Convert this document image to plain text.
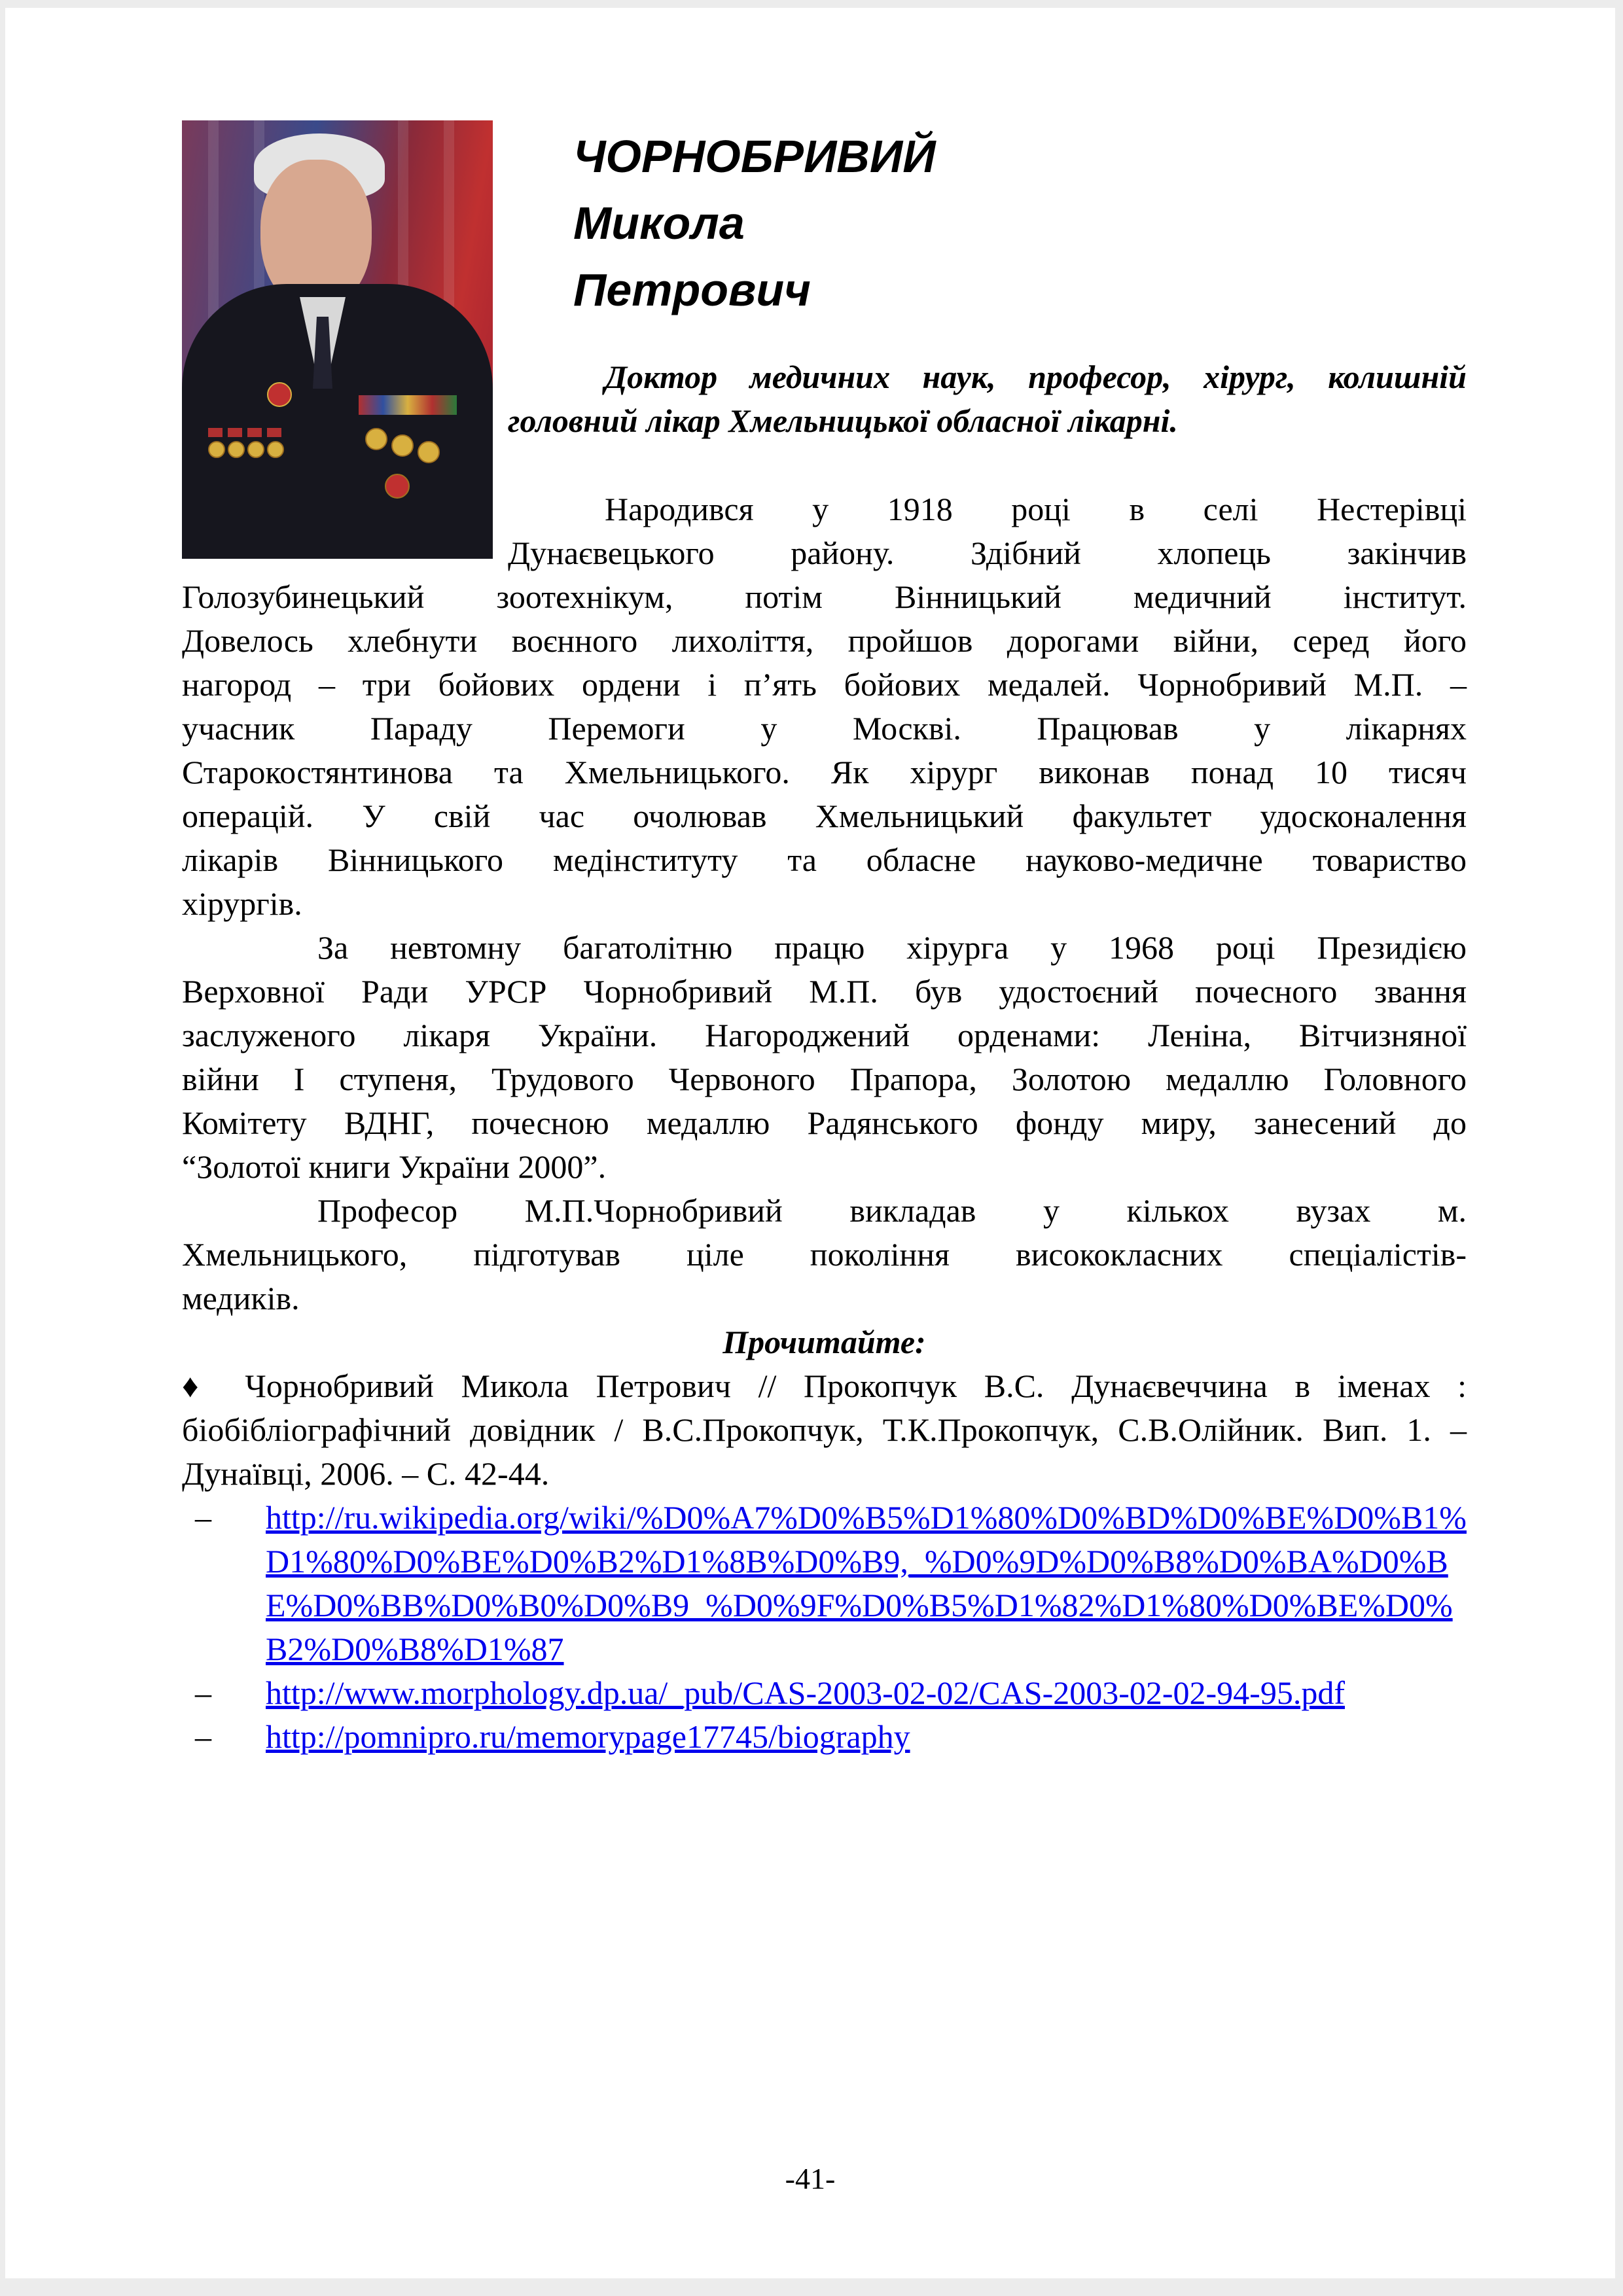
ЧОРНОБРИВИЙ
Микола
Петрович
Доктор медичних наук, професор, хірург, колишній головний лікар Хмельницької обласної лікарні.
Народився у 1918 році в селі Нестерівці
Дунаєвецького району. Здібний хлопець закінчив
Голозубинецький зоотехнікум, потім Вінницький медичний інститут.
Довелось хлебнути воєнного лихоліття, пройшов дорогами війни, серед його
нагород – три бойових ордени і п’ять бойових медалей. Чорнобривий М.П. –
учасник Параду Перемоги у Москві. Працював у лікарнях
Старокостянтинова та Хмельницького. Як хірург виконав понад 10 тисяч
операцій. У свій час очолював Хмельницький факультет удосконалення
лікарів Вінницького медінституту та обласне науково-медичне товариство
хірургів.
За невтомну багатолітню працю хірурга у 1968 році Президією
Верховної Ради УРСР Чорнобривий М.П. був удостоєний почесного звання
заслуженого лікаря України. Нагороджений орденами: Леніна, Вітчизняної
війни І ступеня, Трудового Червоного Прапора, Золотою медаллю Головного
Комітету ВДНГ, почесною медаллю Радянського фонду миру, занесений до
“Золотої книги України 2000”.
Професор М.П.Чорнобривий викладав у кількох вузах м.
Хмельницького, підготував ціле покоління висококласних спеціалістів-
медиків.
Прочитайте:
♦ Чорнобривий Микола Петрович // Прокопчук В.С. Дунаєвеччина в іменах : біобібліографічний довідник / В.С.Прокопчук, Т.К.Прокопчук, С.В.Олійник. Вип. 1. – Дунаївці, 2006. – С. 42-44.
– http://ru.wikipedia.org/wiki/%D0%A7%D0%B5%D1%80%D0%BD%D0%BE%D0%B1%D1%80%D0%BE%D0%B2%D1%8B%D0%B9,_%D0%9D%D0%B8%D0%BA%D0%BE%D0%BB%D0%B0%D0%B9_%D0%9F%D0%B5%D1%82%D1%80%D0%BE%D0%B2%D0%B8%D1%87
– http://www.morphology.dp.ua/_pub/CAS-2003-02-02/CAS-2003-02-02-94-95.pdf
– http://pomnipro.ru/memorypage17745/biography
-41-
